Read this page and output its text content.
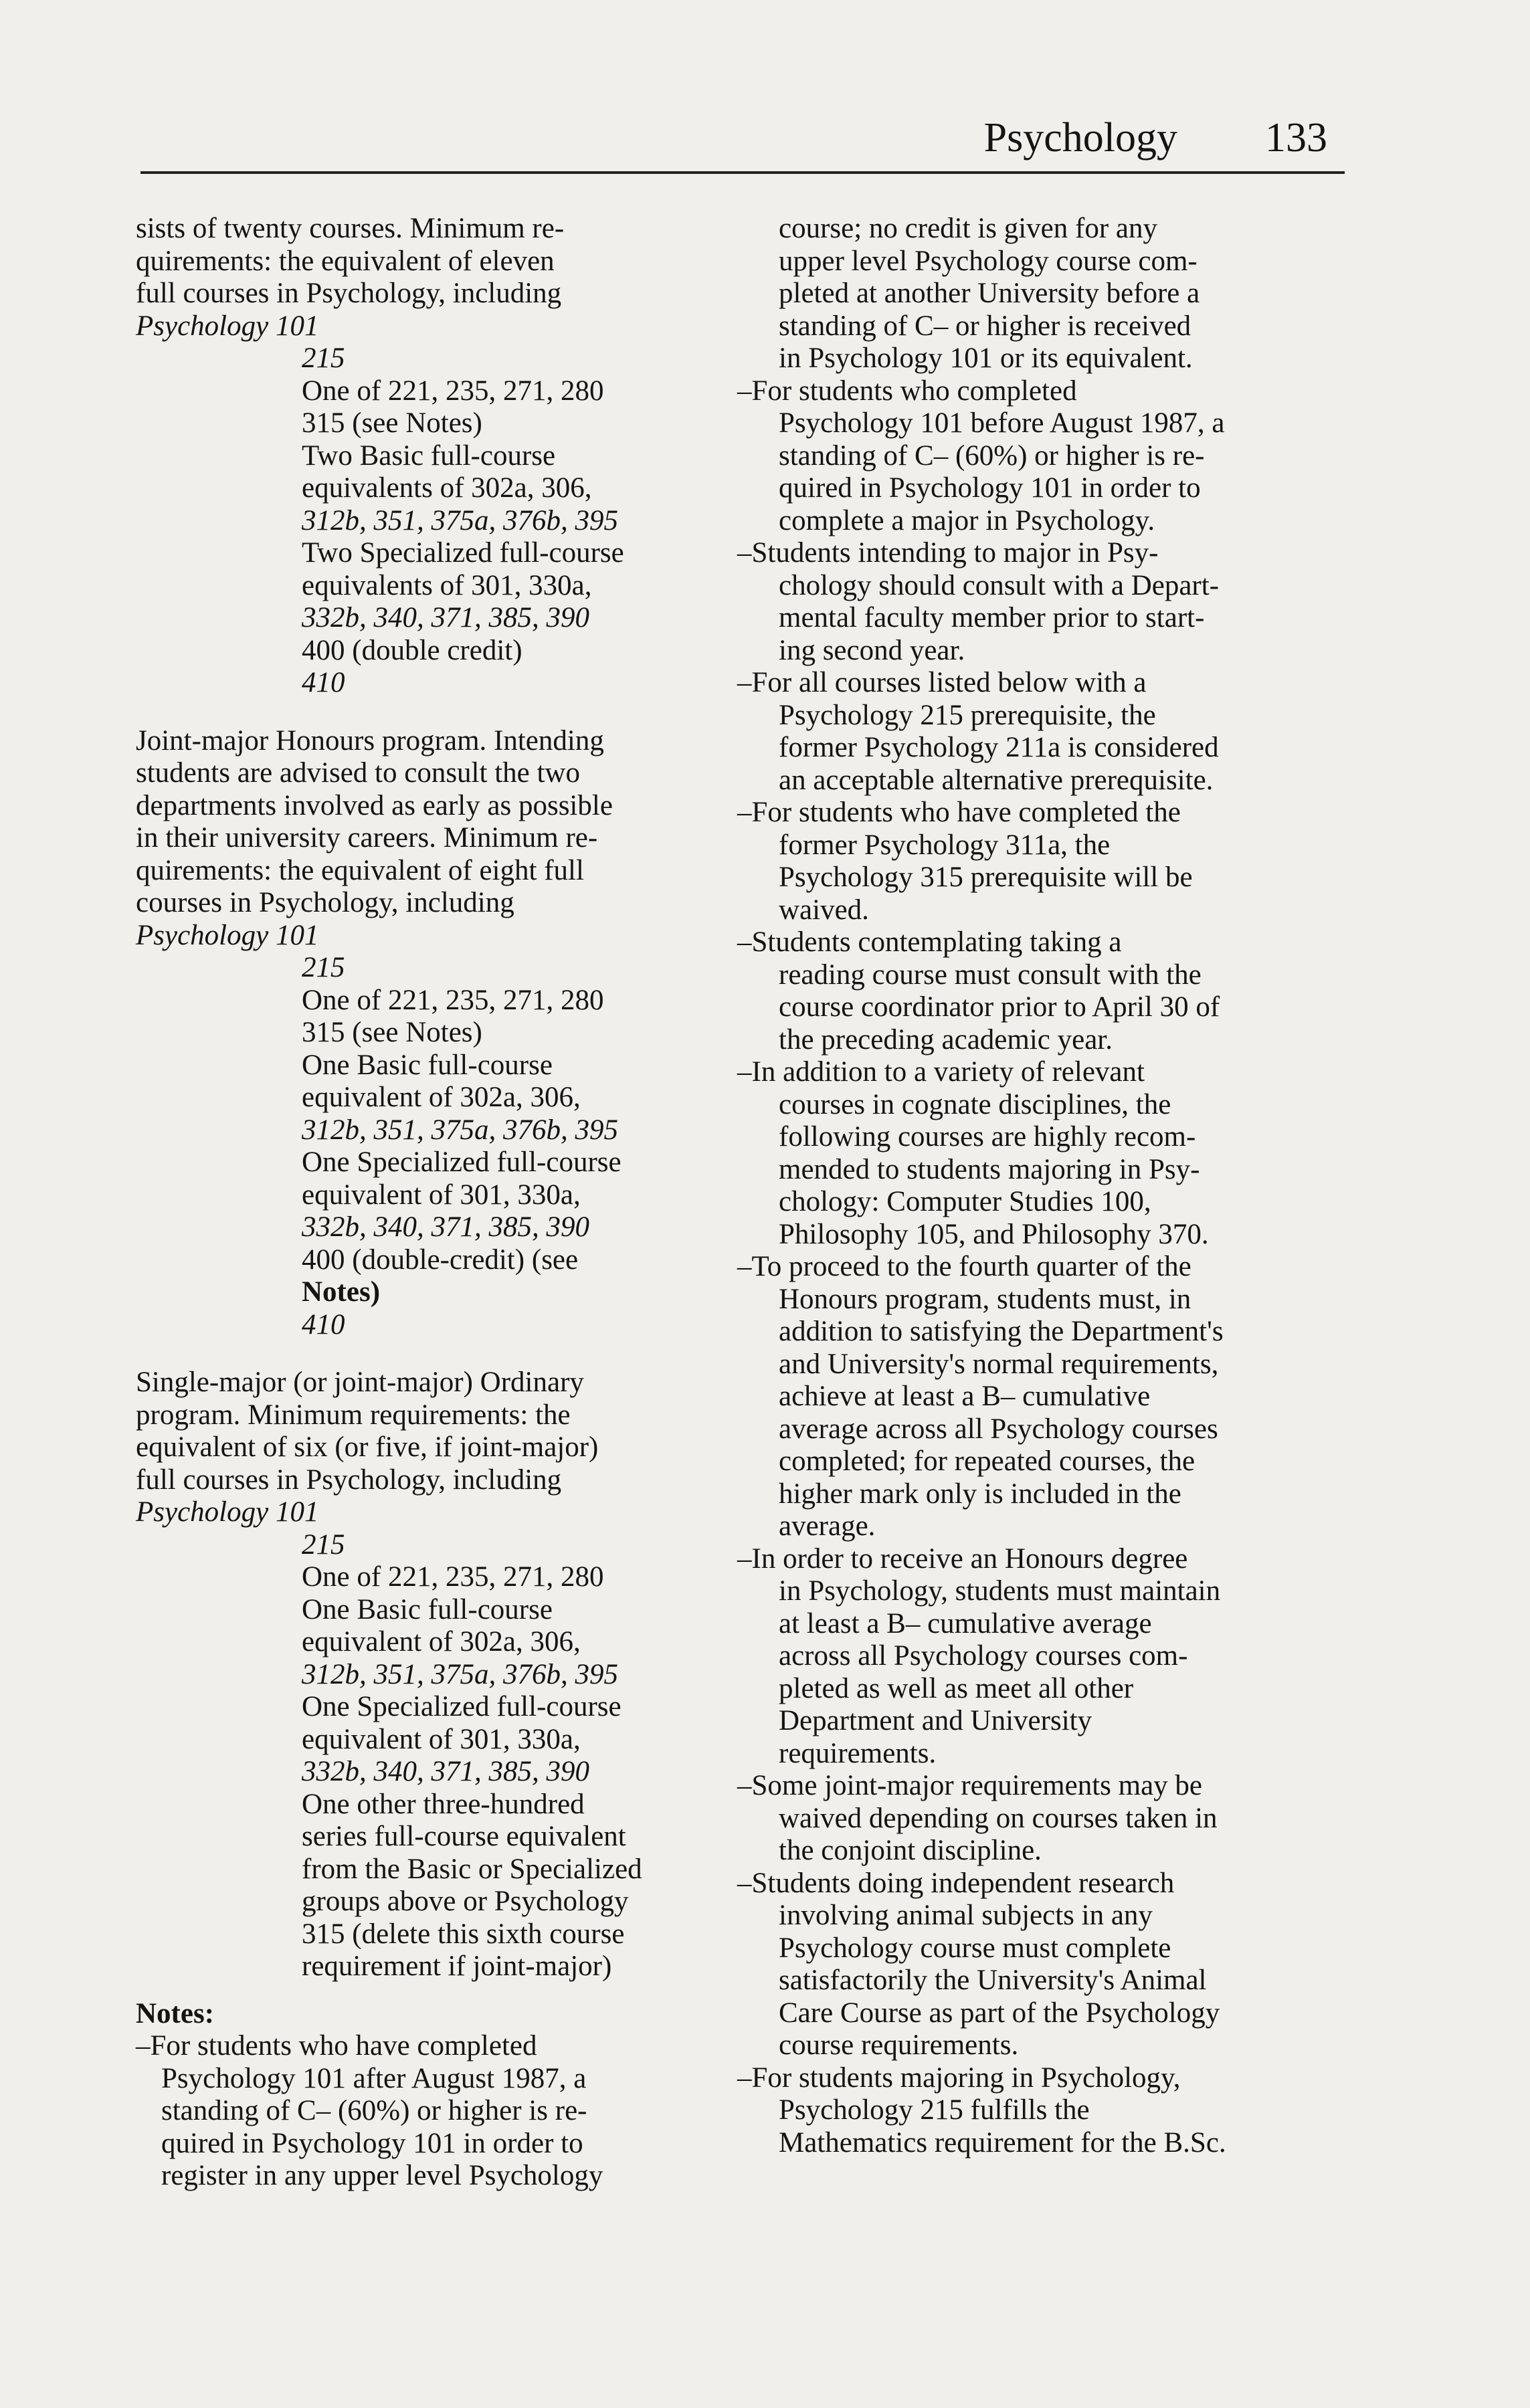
Psychology 133
sists of twenty courses. Minimum re-
quirements: the equivalent of eleven
full courses in Psychology, including
Psychology 101
215
One of 221, 235, 271, 280
315 (see Notes)
Two Basic full-course
equivalents of 302a, 306,
312b, 351, 375a, 376b, 395
Two Specialized full-course
equivalents of 301, 330a,
332b, 340, 371, 385, 390
400 (double credit)
410
Joint-major Honours program. Intending
students are advised to consult the two
departments involved as early as possible
in their university careers. Minimum re-
quirements: the equivalent of eight full
courses in Psychology, including
Psychology 101
215
One of 221, 235, 271, 280
315 (see Notes)
One Basic full-course
equivalent of 302a, 306,
312b, 351, 375a, 376b, 395
One Specialized full-course
equivalent of 301, 330a,
332b, 340, 371, 385, 390
400 (double-credit) (see
Notes)
410
Single-major (or joint-major) Ordinary
program. Minimum requirements: the
equivalent of six (or five, if joint-major)
full courses in Psychology, including
Psychology 101
215
One of 221, 235, 271, 280
One Basic full-course
equivalent of 302a, 306,
312b, 351, 375a, 376b, 395
One Specialized full-course
equivalent of 301, 330a,
332b, 340, 371, 385, 390
One other three-hundred
series full-course equivalent
from the Basic or Specialized
groups above or Psychology
315 (delete this sixth course
requirement if joint-major)
Notes:
–For students who have completed
Psychology 101 after August 1987, a
standing of C– (60%) or higher is re-
quired in Psychology 101 in order to
register in any upper level Psychology
course; no credit is given for any
upper level Psychology course com-
pleted at another University before a
standing of C– or higher is received
in Psychology 101 or its equivalent.
–For students who completed
Psychology 101 before August 1987, a
standing of C– (60%) or higher is re-
quired in Psychology 101 in order to
complete a major in Psychology.
–Students intending to major in Psy-
chology should consult with a Depart-
mental faculty member prior to start-
ing second year.
–For all courses listed below with a
Psychology 215 prerequisite, the
former Psychology 211a is considered
an acceptable alternative prerequisite.
–For students who have completed the
former Psychology 311a, the
Psychology 315 prerequisite will be
waived.
–Students contemplating taking a
reading course must consult with the
course coordinator prior to April 30 of
the preceding academic year.
–In addition to a variety of relevant
courses in cognate disciplines, the
following courses are highly recom-
mended to students majoring in Psy-
chology: Computer Studies 100,
Philosophy 105, and Philosophy 370.
–To proceed to the fourth quarter of the
Honours program, students must, in
addition to satisfying the Department's
and University's normal requirements,
achieve at least a B– cumulative
average across all Psychology courses
completed; for repeated courses, the
higher mark only is included in the
average.
–In order to receive an Honours degree
in Psychology, students must maintain
at least a B– cumulative average
across all Psychology courses com-
pleted as well as meet all other
Department and University
requirements.
–Some joint-major requirements may be
waived depending on courses taken in
the conjoint discipline.
–Students doing independent research
involving animal subjects in any
Psychology course must complete
satisfactorily the University's Animal
Care Course as part of the Psychology
course requirements.
–For students majoring in Psychology,
Psychology 215 fulfills the
Mathematics requirement for the B.Sc.
